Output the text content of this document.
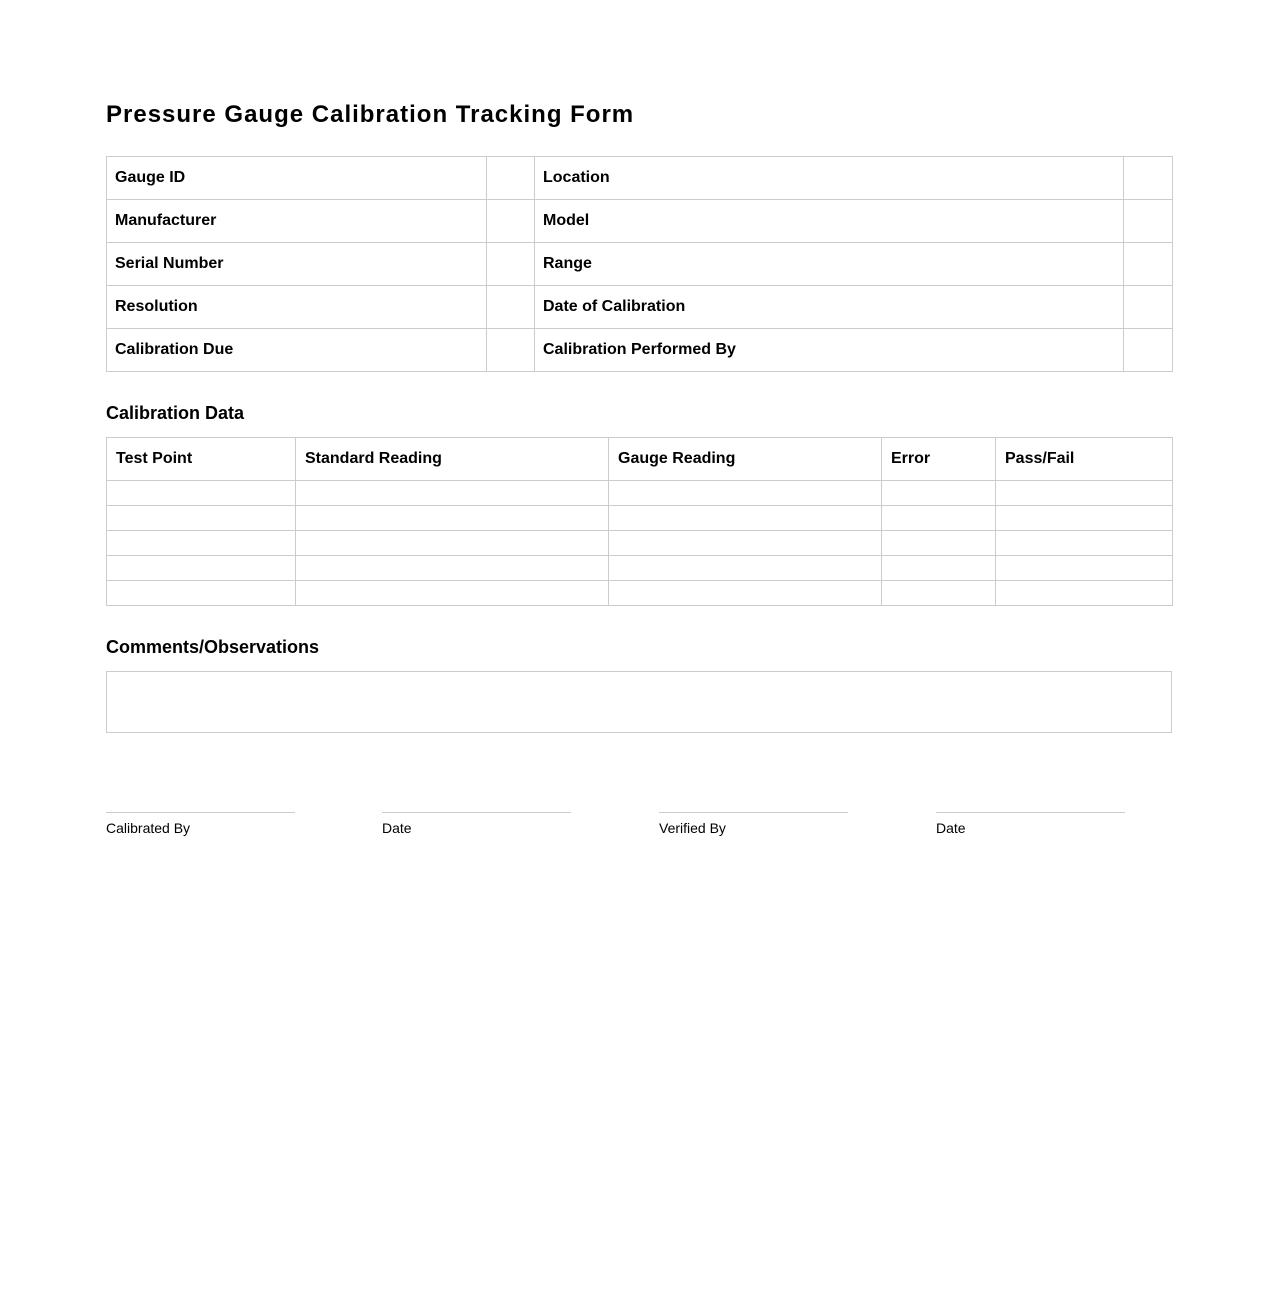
Pressure Gauge Calibration Tracking Form
Gauge ID		Location	
Manufacturer		Model	
Serial Number		Range	
Resolution		Date of Calibration	
Calibration Due		Calibration Performed By	
Calibration Data
Test Point	Standard Reading	Gauge Reading	Error	Pass/Fail

Comments/Observations
Calibrated By	Date	Verified By	Date
